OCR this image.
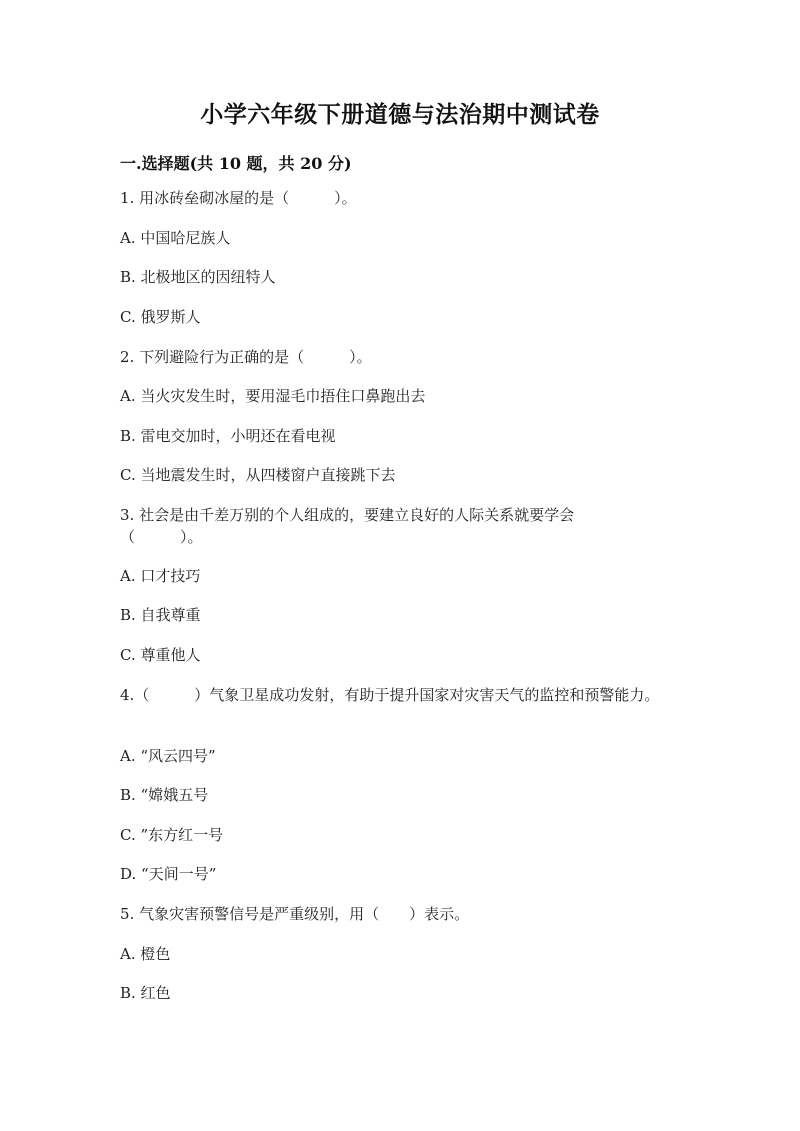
小学六年级下册道德与法治期中测试卷
一.选择题(共 10 题，共 20 分)
1. 用冰砖垒砌冰屋的是（　　　）。
A. 中国哈尼族人
B. 北极地区的因纽特人
C. 俄罗斯人
2. 下列避险行为正确的是（　　　）。
A. 当火灾发生时，要用湿毛巾捂住口鼻跑出去
B. 雷电交加时，小明还在看电视
C. 当地震发生时，从四楼窗户直接跳下去
3. 社会是由千差万别的个人组成的，要建立良好的人际关系就要学会（　　　）。
A. 口才技巧
B. 自我尊重
C. 尊重他人
4.（　　　）气象卫星成功发射，有助于提升国家对灾害天气的监控和预警能力。
A. “风云四号”
B. “嫦娥五号
C. ”东方红一号
D. “天间一号”
5. 气象灾害预警信号是严重级别，用（　　）表示。
A. 橙色
B. 红色
